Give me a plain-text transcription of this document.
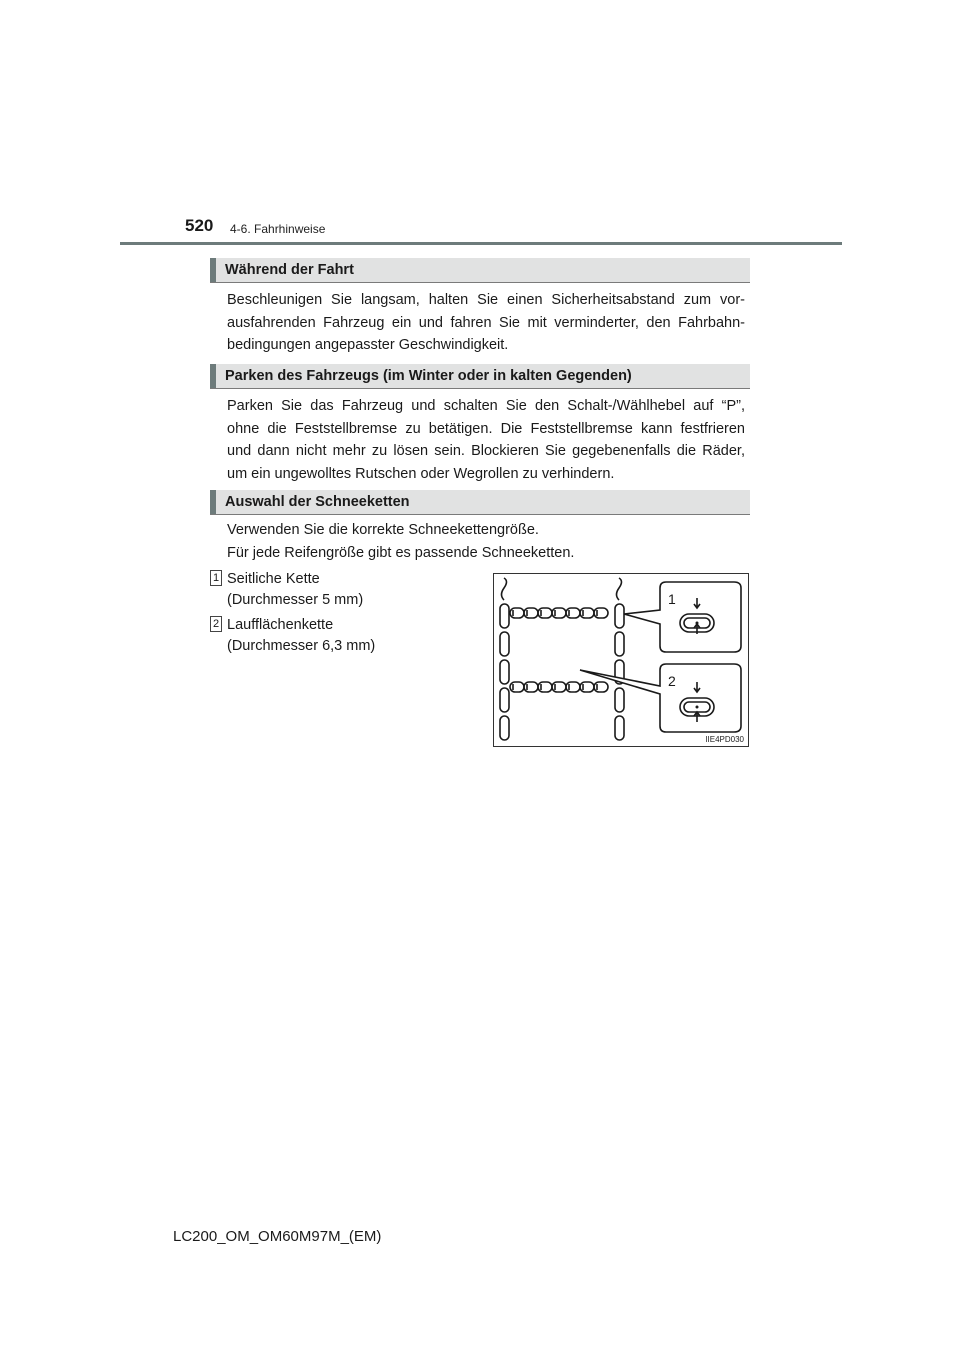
520 4-6. Fahrhinweise
Während der Fahrt
Beschleunigen Sie langsam, halten Sie einen Sicherheitsabstand zum vor-
ausfahrenden Fahrzeug ein und fahren Sie mit verminderter, den Fahrbahn-
bedingungen angepasster Geschwindigkeit.
Parken des Fahrzeugs (im Winter oder in kalten Gegenden)
Parken Sie das Fahrzeug und schalten Sie den Schalt-/Wählhebel auf “P”,
ohne die Feststellbremse zu betätigen. Die Feststellbremse kann festfrieren
und dann nicht mehr zu lösen sein. Blockieren Sie gegebenenfalls die Räder,
um ein ungewolltes Rutschen oder Wegrollen zu verhindern.
Auswahl der Schneeketten
Verwenden Sie die korrekte Schneekettengröße.
Für jede Reifengröße gibt es passende Schneeketten.
1 Seitliche Kette
(Durchmesser 5 mm)
2 Laufflächenkette
(Durchmesser 6,3 mm)
1
2
IIE4PD030
LC200_OM_OM60M97M_(EM)
